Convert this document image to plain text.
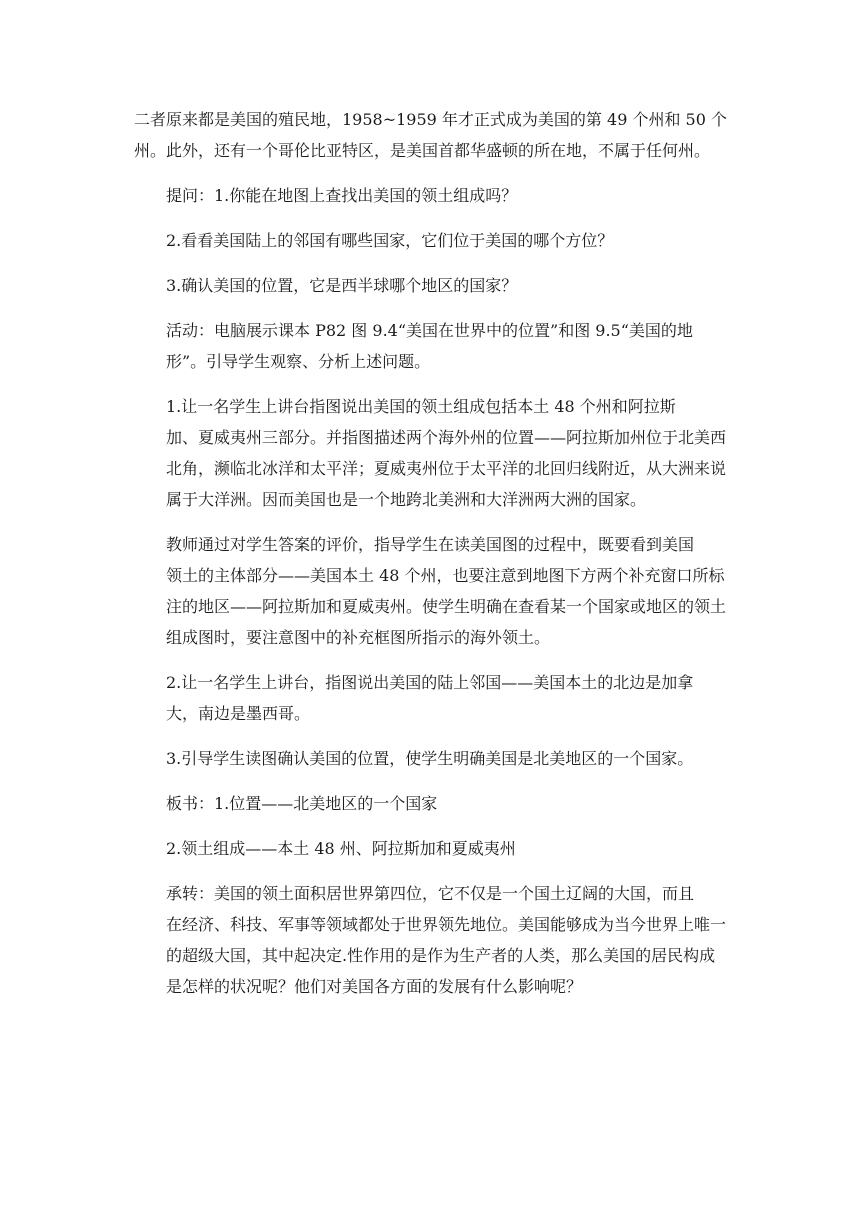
二者原来都是美国的殖民地，1958~1959 年才正式成为美国的第 49 个州和 50 个
州。此外，还有一个哥伦比亚特区，是美国首都华盛顿的所在地，不属于任何州。

提问：1.你能在地图上查找出美国的领土组成吗？

2.看看美国陆上的邻国有哪些国家，它们位于美国的哪个方位？

3.确认美国的位置，它是西半球哪个地区的国家？

活动：电脑展示课本 P82 图 9.4“美国在世界中的位置”和图 9.5“美国的地
形”。引导学生观察、分析上述问题。

1.让一名学生上讲台指图说出美国的领土组成包括本土 48 个州和阿拉斯
加、夏威夷州三部分。并指图描述两个海外州的位置——阿拉斯加州位于北美西
北角，濒临北冰洋和太平洋；夏威夷州位于太平洋的北回归线附近，从大洲来说
属于大洋洲。因而美国也是一个地跨北美洲和大洋洲两大洲的国家。

教师通过对学生答案的评价，指导学生在读美国图的过程中，既要看到美国
领土的主体部分——美国本土 48 个州，也要注意到地图下方两个补充窗口所标
注的地区——阿拉斯加和夏威夷州。使学生明确在查看某一个国家或地区的领土
组成图时，要注意图中的补充框图所指示的海外领土。

2.让一名学生上讲台，指图说出美国的陆上邻国——美国本土的北边是加拿
大，南边是墨西哥。

3.引导学生读图确认美国的位置，使学生明确美国是北美地区的一个国家。

板书：1.位置——北美地区的一个国家

2.领土组成——本土 48 州、阿拉斯加和夏威夷州

承转：美国的领土面积居世界第四位，它不仅是一个国土辽阔的大国，而且
在经济、科技、军事等领域都处于世界领先地位。美国能够成为当今世界上唯一
的超级大国，其中起决定.性作用的是作为生产者的人类，那么美国的居民构成
是怎样的状况呢？他们对美国各方面的发展有什么影响呢？
